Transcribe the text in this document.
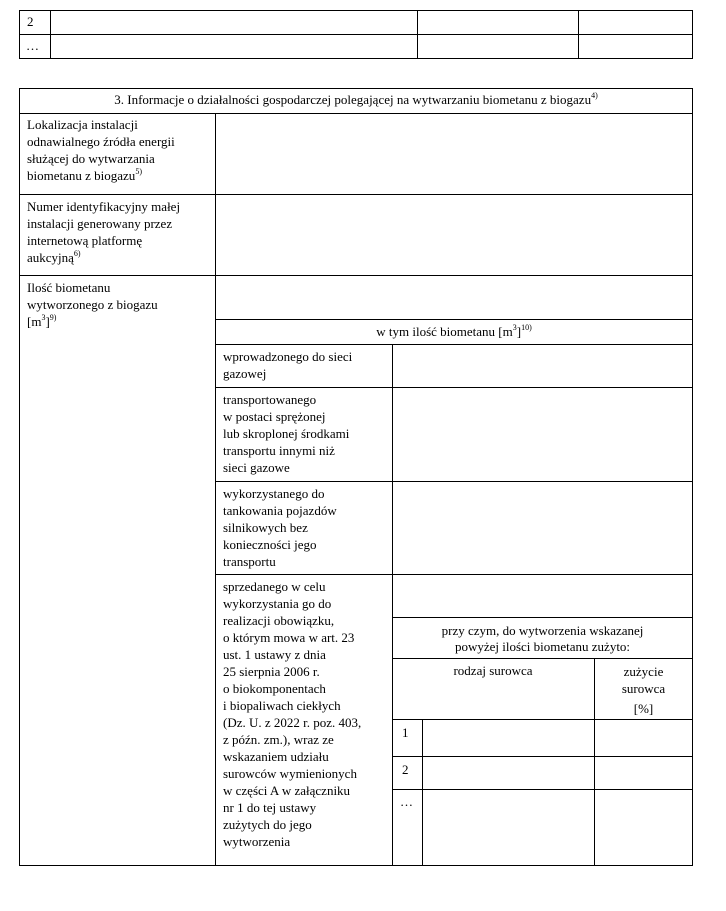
2
…
3. Informacje o działalności gospodarczej polegającej na wytwarzaniu biometanu z biogazu$^{4)}$
Lokalizacja instalacji
odnawialnego źródła energii
służącej do wytwarzania
biometanu z biogazu$^{5)}$
Numer identyfikacyjny małej
instalacji generowany przez
internetową platformę
aukcyjną$^{6)}$
Ilość biometanu
wytworzonego z biogazu
$[m^3]^{9)}$
w tym ilość biometanu $[m^3]^{10)}$
wprowadzonego do sieci
gazowej
transportowanego
w postaci sprężonej
lub skroplonej środkami
transportu innymi niż
sieci gazowe
wykorzystanego do
tankowania pojazdów
silnikowych bez
konieczności jego
transportu
sprzedanego w celu
wykorzystania go do
realizacji obowiązku,
o którym mowa w art. 23
ust. 1 ustawy z dnia
25 sierpnia 2006 r.
o biokomponentach
i biopaliwach ciekłych
(Dz. U. z 2022 r. poz. 403,
z późn. zm.), wraz ze
wskazaniem udziału
surowców wymienionych
w części A w załączniku
nr 1 do tej ustawy
zużytych do jego
wytworzenia
przy czym, do wytworzenia wskazanej
powyżej ilości biometanu zużyto:
rodzaj surowca	zużycie
surowca
[%]
1
2
…
